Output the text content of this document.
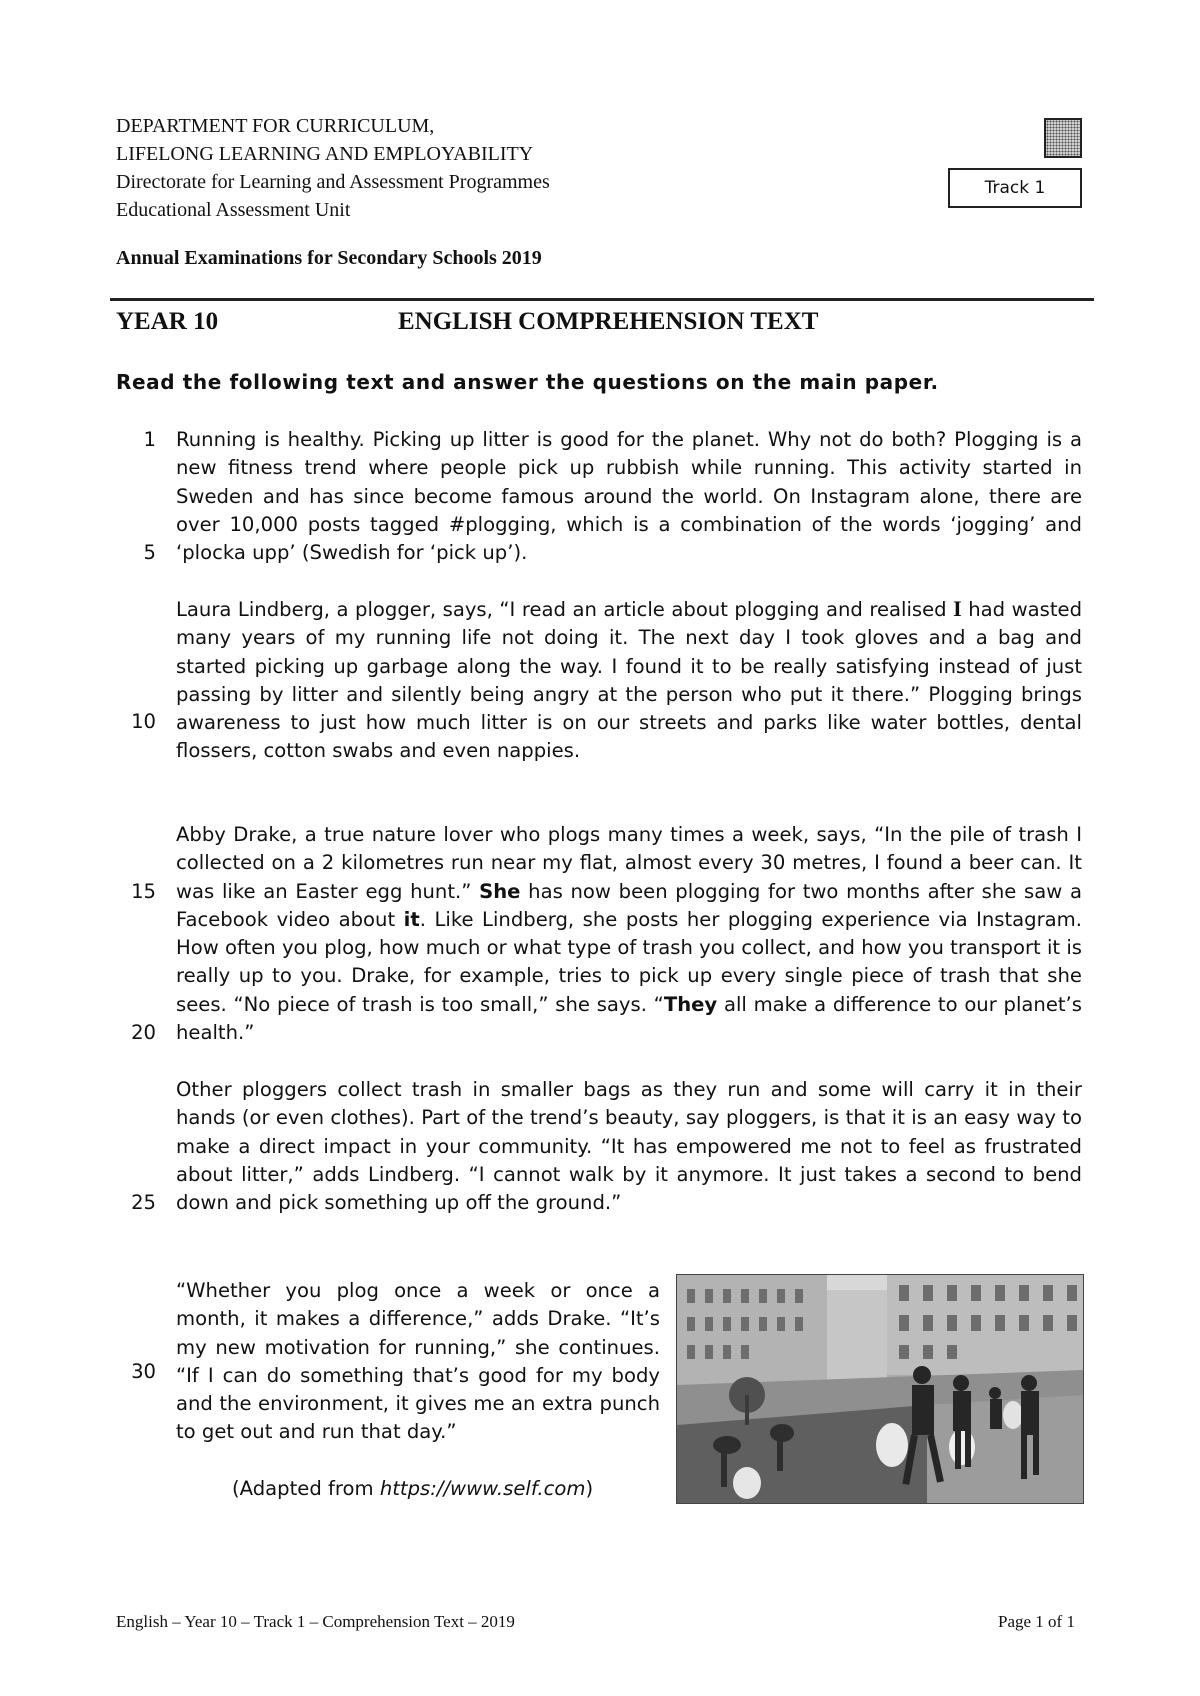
DEPARTMENT FOR CURRICULUM,
LIFELONG LEARNING AND EMPLOYABILITY
Directorate for Learning and Assessment Programmes
Educational Assessment Unit
Annual Examinations for Secondary Schools 2019
Track 1
YEAR 10	ENGLISH COMPREHENSION TEXT
Read the following text and answer the questions on the main paper.
1
5
10
15
20
25
30

Running is healthy. Picking up litter is good for the planet. Why not do both? Plogging is a new fitness trend where people pick up rubbish while running. This activity started in Sweden and has since become famous around the world. On Instagram alone, there are over 10,000 posts tagged #plogging, which is a combination of the words ‘jogging’ and ‘plocka upp’ (Swedish for ‘pick up’).

Laura Lindberg, a plogger, says, “I read an article about plogging and realised I had wasted many years of my running life not doing it. The next day I took gloves and a bag and started picking up garbage along the way. I found it to be really satisfying instead of just passing by litter and silently being angry at the person who put it there.” Plogging brings awareness to just how much litter is on our streets and parks like water bottles, dental flossers, cotton swabs and even nappies.

Abby Drake, a true nature lover who plogs many times a week, says, “In the pile of trash I collected on a 2 kilometres run near my flat, almost every 30 metres, I found a beer can. It was like an Easter egg hunt.” She has now been plogging for two months after she saw a Facebook video about it. Like Lindberg, she posts her plogging experience via Instagram. How often you plog, how much or what type of trash you collect, and how you transport it is really up to you. Drake, for example, tries to pick up every single piece of trash that she sees. “No piece of trash is too small,” she says. “They all make a difference to our planet’s health.”

Other ploggers collect trash in smaller bags as they run and some will carry it in their hands (or even clothes). Part of the trend’s beauty, say ploggers, is that it is an easy way to make a direct impact in your community. “It has empowered me not to feel as frustrated about litter,” adds Lindberg. “I cannot walk by it anymore. It just takes a second to bend down and pick something up off the ground.”

“Whether you plog once a week or once a month, it makes a difference,” adds Drake. “It’s my new motivation for running,” she continues. “If I can do something that’s good for my body and the environment, it gives me an extra punch to get out and run that day.”

(Adapted from https://www.self.com)
English – Year 10 – Track 1 – Comprehension Text – 2019	Page 1 of 1
